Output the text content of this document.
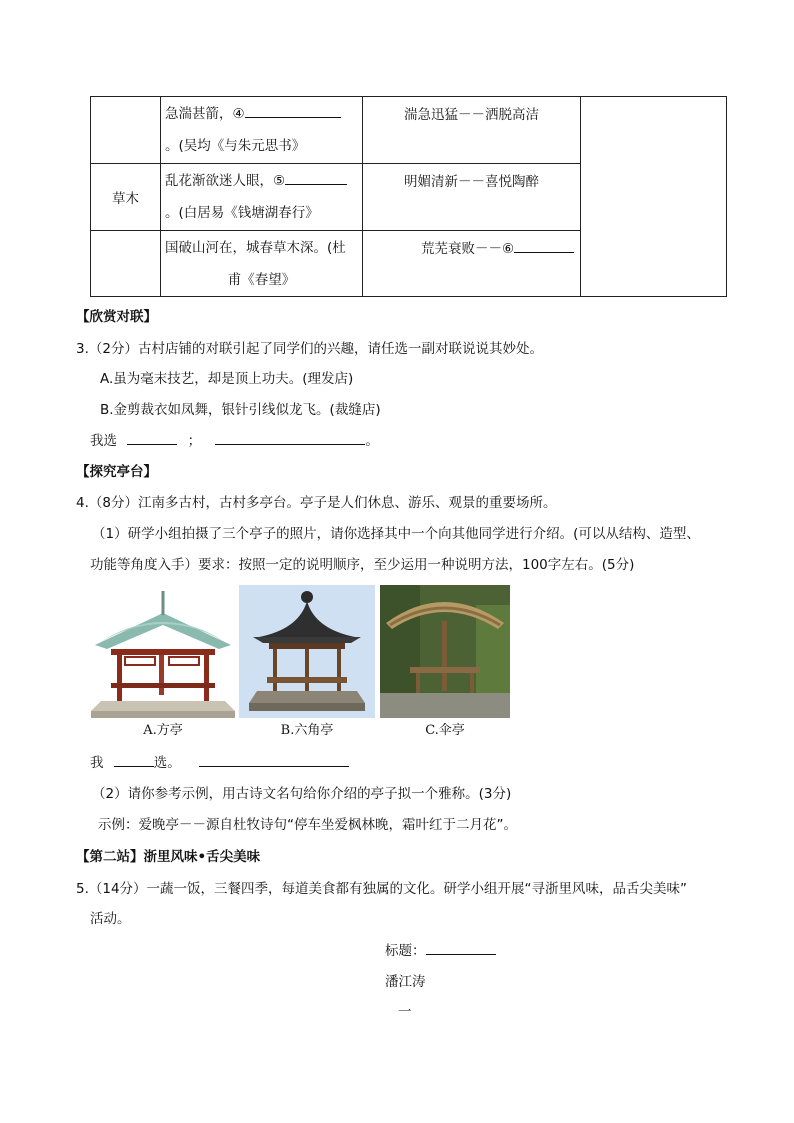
	急湍甚箭，④
。(吴均《与朱元思书》	湍急迅猛－－洒脱高洁	
草木	乱花渐欲迷人眼，⑤
。(白居易《钱塘湖春行》	明媚清新－－喜悦陶醉	

	国破山河在，城春草木深。(杜
甫《春望》	荒芜衰败－－⑥	
【欣赏对联】
3.（2分）古村店铺的对联引起了同学们的兴趣，请任选一副对联说说其妙处。
A.虽为毫末技艺，却是顶上功夫。(理发店)
B.金剪裁衣如凤舞，银针引线似龙飞。(裁缝店)
我选	；	。
【探究亭台】
4.（8分）江南多古村，古村多亭台。亭子是人们休息、游乐、观景的重要场所。
（1）研学小组拍摄了三个亭子的照片，请你选择其中一个向其他同学进行介绍。(可以从结构、造型、
功能等角度入手）要求：按照一定的说明顺序，至少运用一种说明方法，100字左右。(5分)
A.方亭	B.六角亭	C.伞亭
我	选。
（2）请你参考示例，用古诗文名句给你介绍的亭子拟一个雅称。(3分)
示例：爱晚亭－－源自杜牧诗句“停车坐爱枫林晚，霜叶红于二月花”。
【第二站】浙里风味•舌尖美味
5.（14分）一蔬一饭，三餐四季，每道美食都有独属的文化。研学小组开展“寻浙里风味，品舌尖美味”
活动。
标题：
潘江涛
一
